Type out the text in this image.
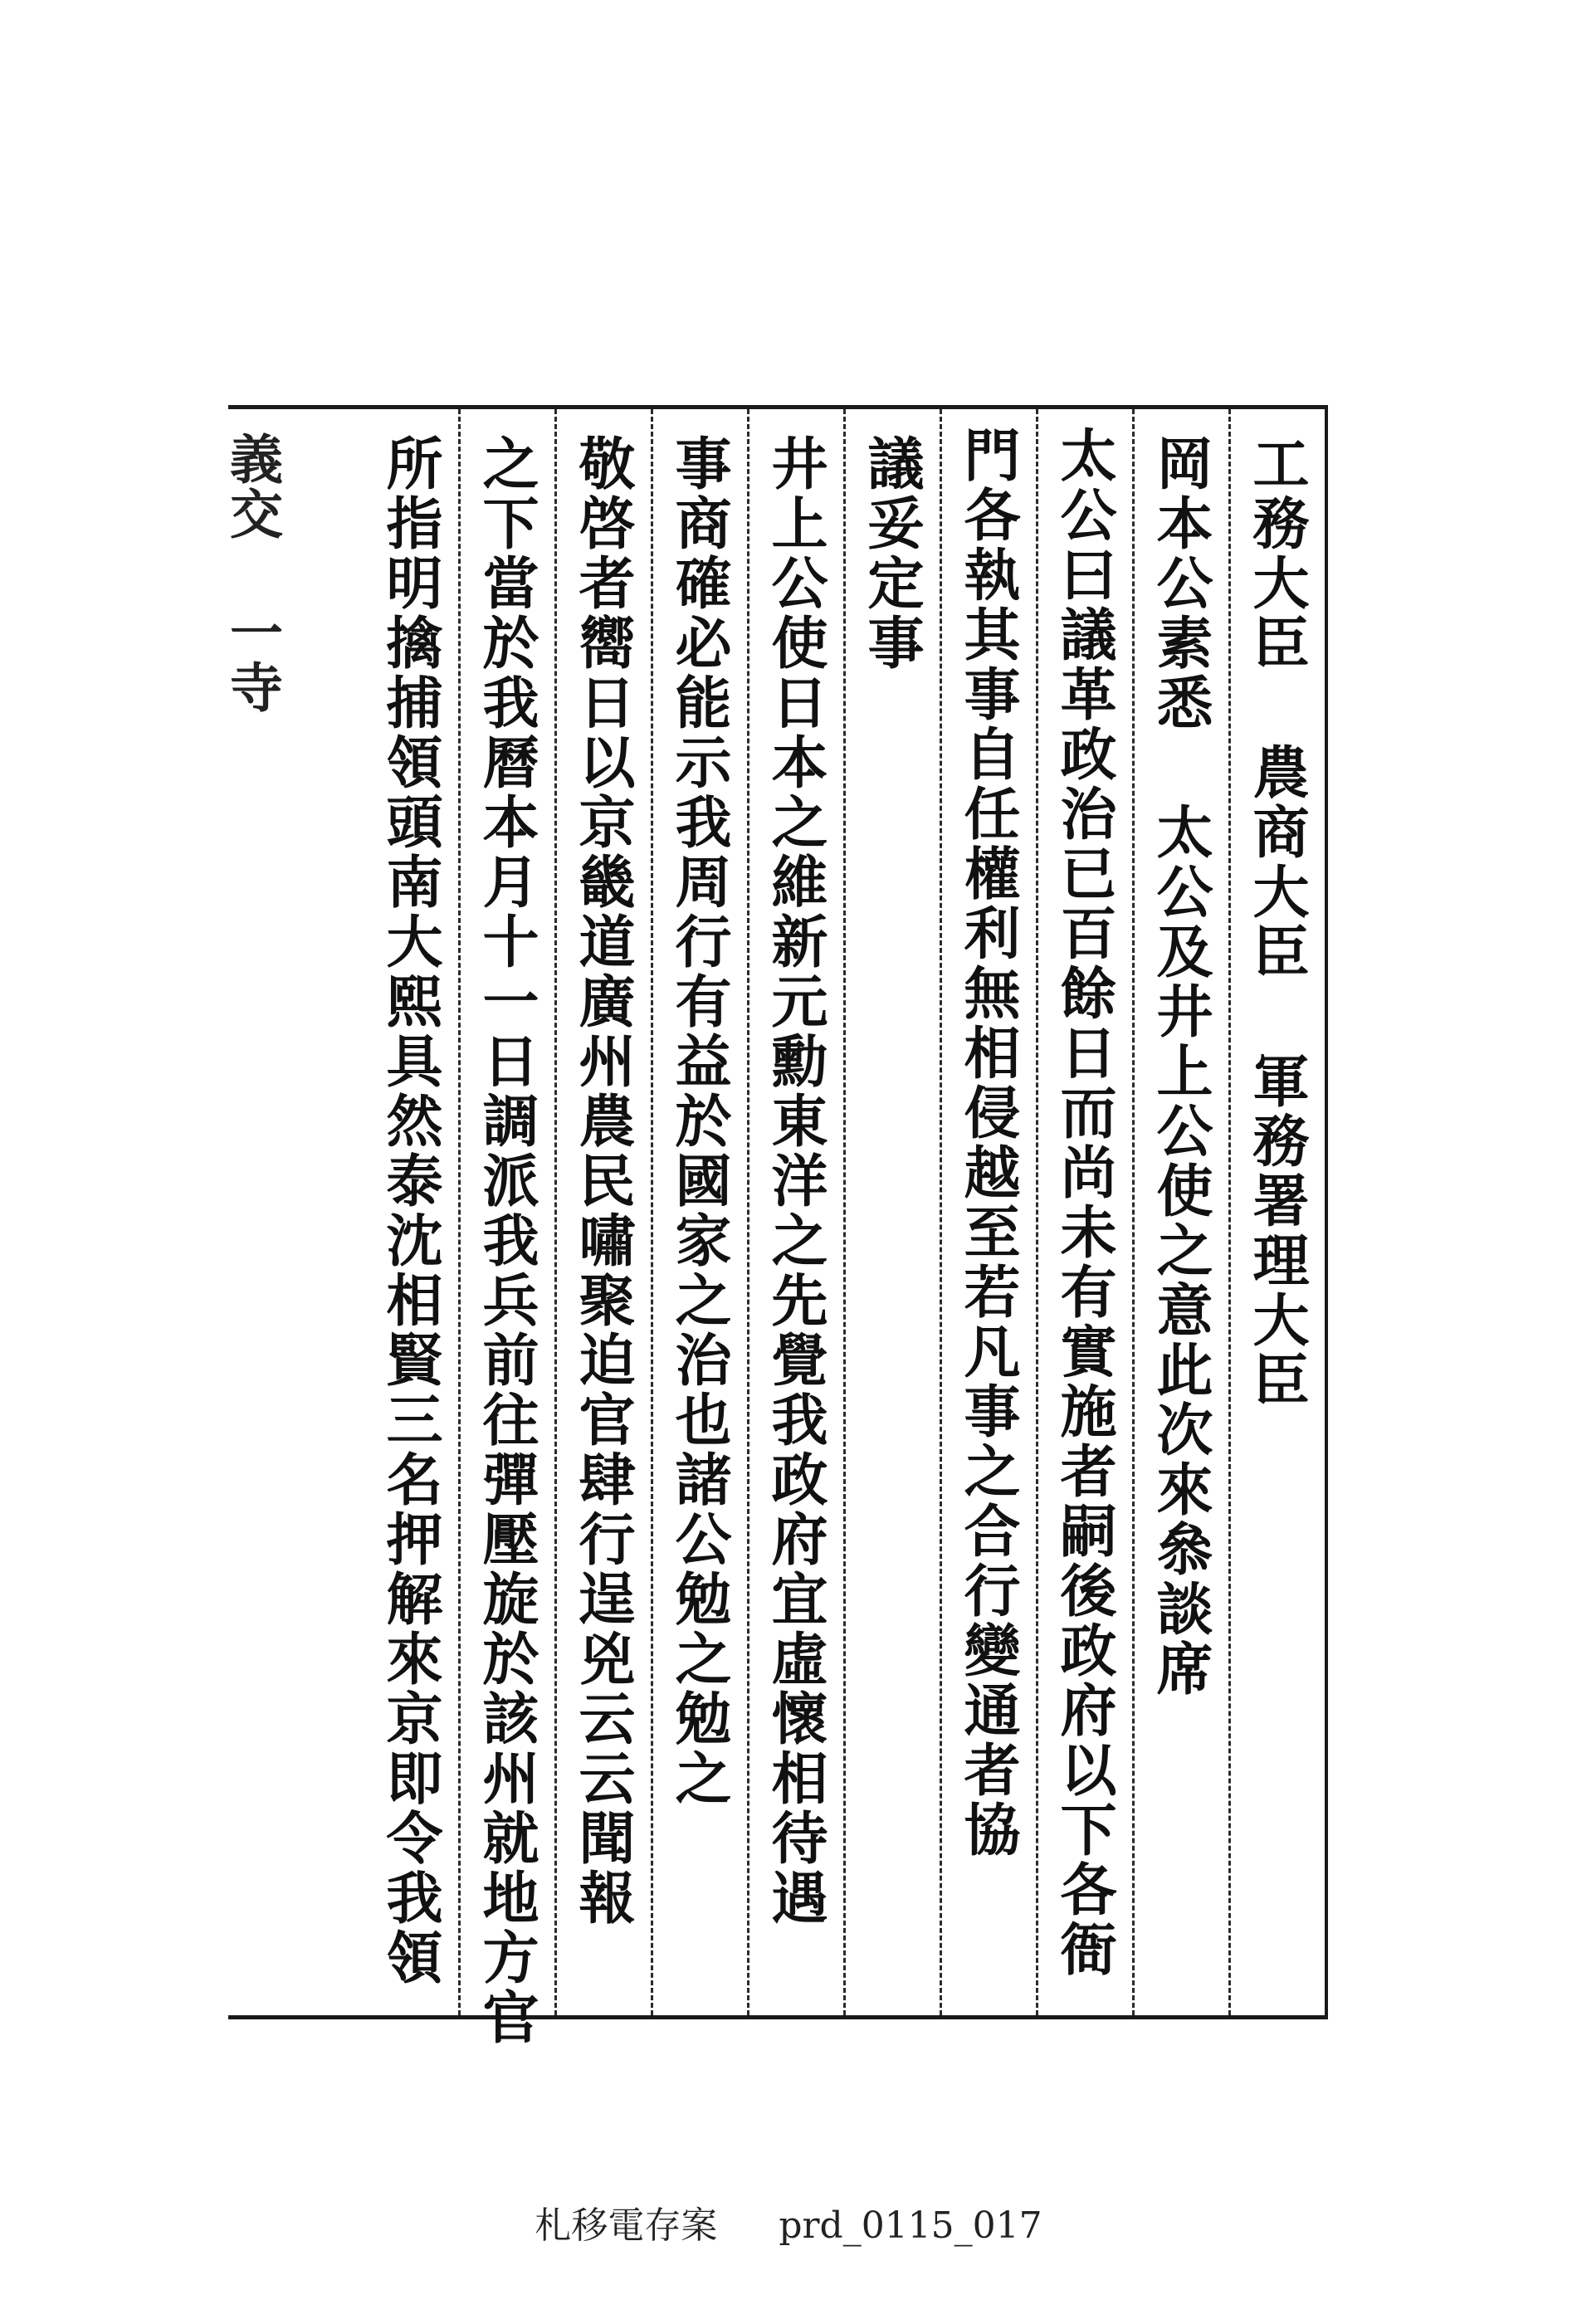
義交 一寺	工務大臣 農商大臣 軍務署理大臣
岡本公素悉 太公及井上公使之意此次來叅談席
太公曰議革政治已百餘日而尚未有實施者嗣後政府以下各衙
門各執其事自任權利無相侵越至若凡事之合行變通者協
議妥定事
井上公使日本之維新元勳東洋之先覺我政府宜虛懷相待遇
事商確必能示我周行有益於國家之治也諸公勉之勉之
敬啓者嚮日以京畿道廣州農民嘯聚迫官肆行逞兇云云聞報
之下當於我曆本月十一日調派我兵前往彈壓旋於該州就地方官
所指明擒捕領頭南大熙具然泰沈相賢三名押解來京即令我領
札移電存案 prd_0115_017
